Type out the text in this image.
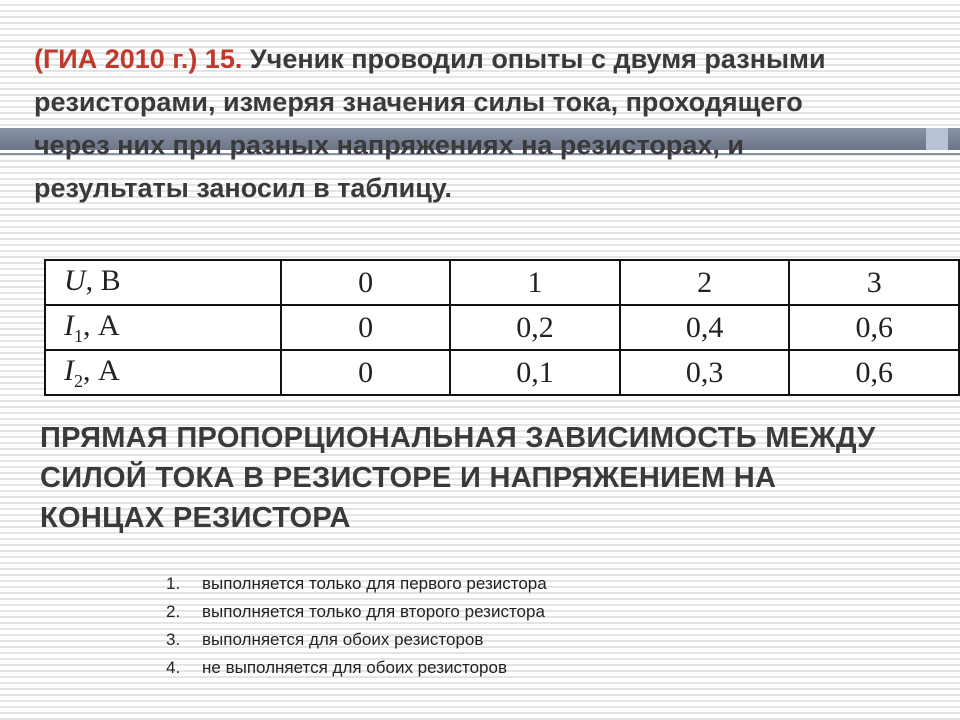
(ГИА 2010 г.) 15. Ученик проводил опыты с двумя разными резисторами, измеряя значения силы тока, проходящего через них при разных напряжениях на резисторах, и результаты заносил в таблицу.

U, В	0	1	2	3
$I_1$, А	0	0,2	0,4	0,6
$I_2$, А	0	0,1	0,3	0,6

ПРЯМАЯ ПРОПОРЦИОНАЛЬНАЯ ЗАВИСИМОСТЬ МЕЖДУ СИЛОЙ ТОКА В РЕЗИСТОРЕ И НАПРЯЖЕНИЕМ НА КОНЦАХ РЕЗИСТОРА

1.	выполняется только для первого резистора
2.	выполняется только для второго резистора
3.	выполняется для обоих резисторов
4.	не выполняется для обоих резисторов
